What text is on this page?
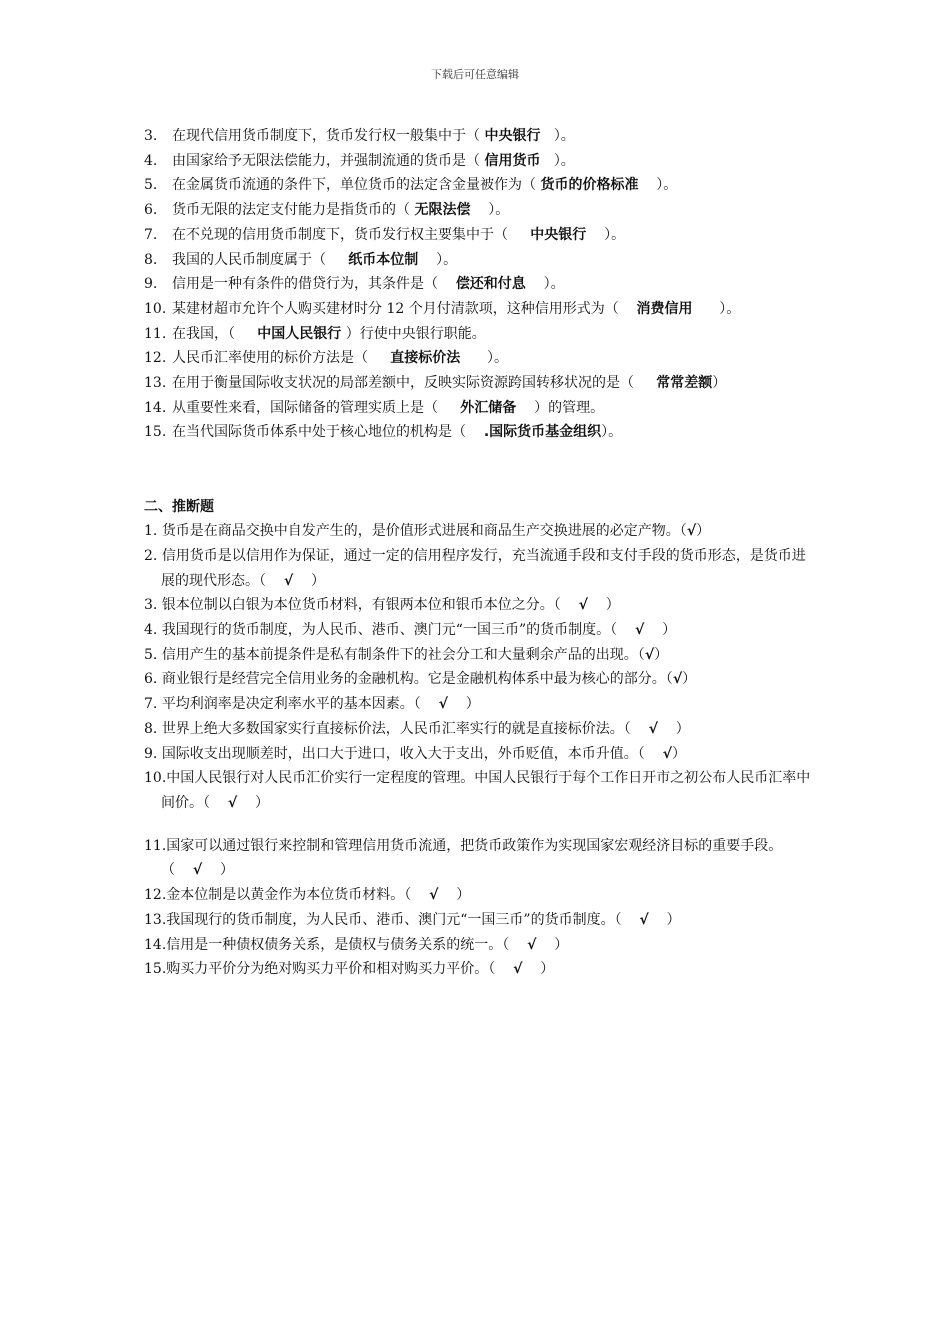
下载后可任意编辑

3. 在现代信用货币制度下，货币发行权一般集中于（ 中央银行 ）。

4. 由国家给予无限法偿能力，并强制流通的货币是（ 信用货币 ）。

5. 在金属货币流通的条件下，单位货币的法定含金量被作为（ 货币的价格标准 ）。

6. 货币无限的法定支付能力是指货币的（ 无限法偿 ）。

7. 在不兑现的信用货币制度下，货币发行权主要集中于（ 中央银行 ）。

8. 我国的人民币制度属于（ 纸币本位制 ）。

9. 信用是一种有条件的借贷行为，其条件是（ 偿还和付息 ）。

10. 某建材超市允许个人购买建材时分 12 个月付清款项，这种信用形式为（ 消费信用 ）。

11. 在我国，（ 中国人民银行 ）行使中央银行职能。

12. 人民币汇率使用的标价方法是（ 直接标价法 ）。

13. 在用于衡量国际收支状况的局部差额中，反映实际资源跨国转移状况的是（ 常常差额）

14. 从重要性来看，国际储备的管理实质上是（ 外汇储备 ）的管理。

15. 在当代国际货币体系中处于核心地位的机构是（ .国际货币基金组织）。

二、推断题

1. 货币是在商品交换中自发产生的，是价值形式进展和商品生产交换进展的必定产物。（√）

2. 信用货币是以信用作为保证，通过一定的信用程序发行，充当流通手段和支付手段的货币形态，是货币进展的现代形态。（ √ ）

3. 银本位制以白银为本位货币材料，有银两本位和银币本位之分。（ √ ）

4. 我国现行的货币制度，为人民币、港币、澳门元“一国三币”的货币制度。（ √ ）

5. 信用产生的基本前提条件是私有制条件下的社会分工和大量剩余产品的出现。（√）

6. 商业银行是经营完全信用业务的金融机构。它是金融机构体系中最为核心的部分。（√）

7. 平均利润率是决定利率水平的基本因素。（ √ ）

8. 世界上绝大多数国家实行直接标价法，人民币汇率实行的就是直接标价法。（ √ ）

9. 国际收支出现顺差时，出口大于进口，收入大于支出，外币贬值，本币升值。（ √）

10.中国人民银行对人民币汇价实行一定程度的管理。中国人民银行于每个工作日开市之初公布人民币汇率中间价。（ √ ）

11.国家可以通过银行来控制和管理信用货币流通，把货币政策作为实现国家宏观经济目标的重要手段。（ √ ）

12.金本位制是以黄金作为本位货币材料。（ √ ）

13.我国现行的货币制度，为人民币、港币、澳门元“一国三币”的货币制度。（ √ ）

14.信用是一种债权债务关系，是债权与债务关系的统一。（ √ ）

15.购买力平价分为绝对购买力平价和相对购买力平价。（ √ ）
